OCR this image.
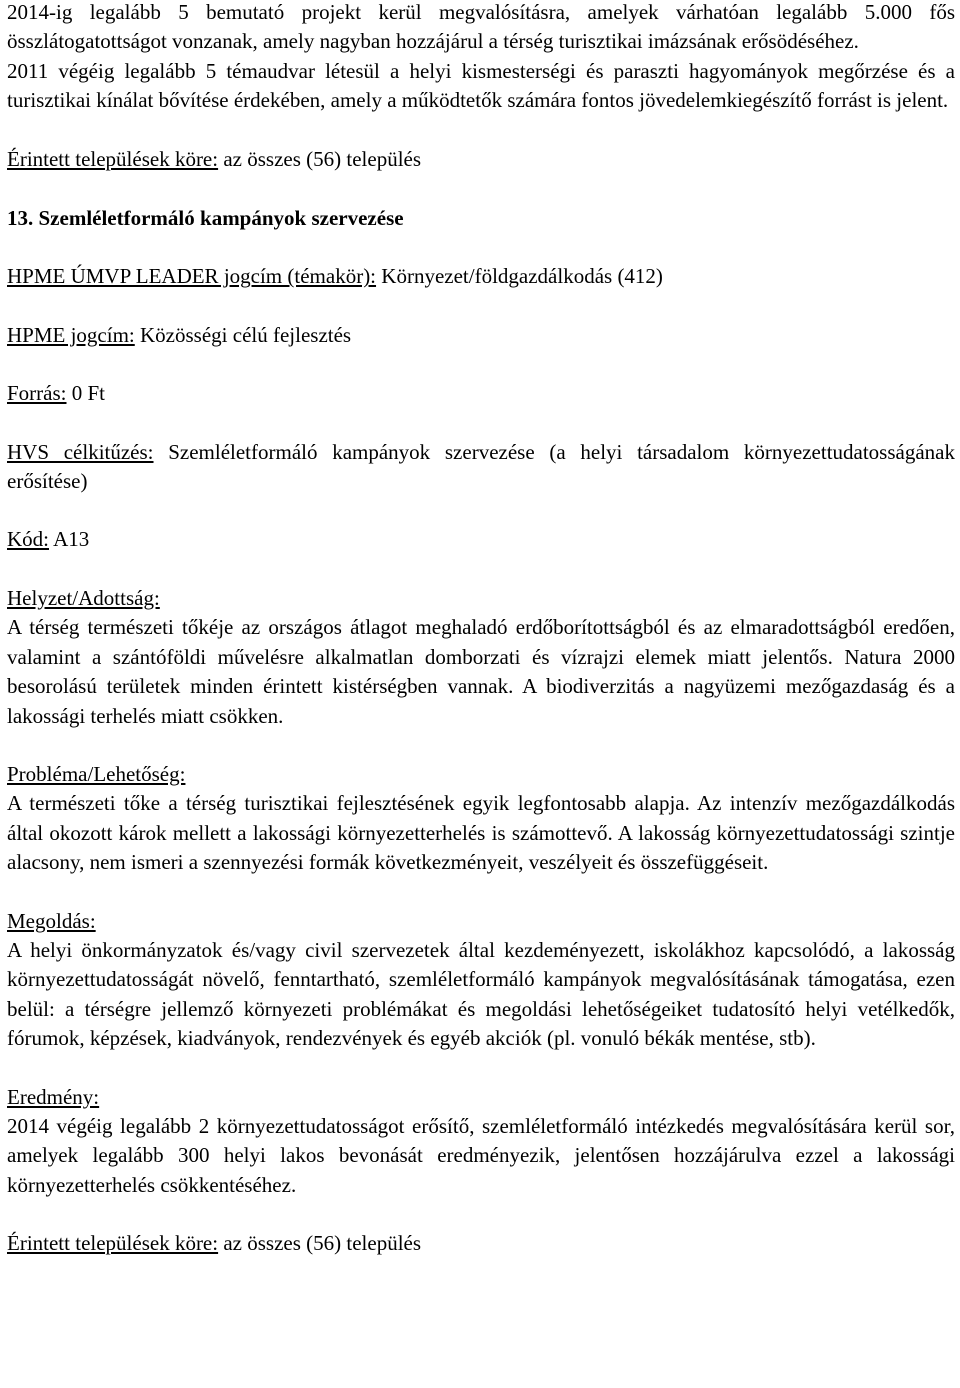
2014-ig legalább 5 bemutató projekt kerül megvalósításra, amelyek várhatóan legalább 5.000 fős összlátogatottságot vonzanak, amely nagyban hozzájárul a térség turisztikai imázsának erősödéséhez.

2011 végéig legalább 5 témaudvar létesül a helyi kismesterségi és paraszti hagyományok megőrzése és a turisztikai kínálat bővítése érdekében, amely a működtetők számára fontos jövedelemkiegészítő forrást is jelent.

Érintett települések köre: az összes (56) település

13. Szemléletformáló kampányok szervezése

HPME ÚMVP LEADER jogcím (témakör): Környezet/földgazdálkodás (412)

HPME jogcím: Közösségi célú fejlesztés

Forrás: 0 Ft

HVS célkitűzés: Szemléletformáló kampányok szervezése (a helyi társadalom környezettudatosságának erősítése)

Kód: A13

Helyzet/Adottság:

A térség természeti tőkéje az országos átlagot meghaladó erdőborítottságból és az elmaradottságból eredően, valamint a szántóföldi művelésre alkalmatlan domborzati és vízrajzi elemek miatt jelentős. Natura 2000 besorolású területek minden érintett kistérségben vannak. A biodiverzitás a nagyüzemi mezőgazdaság és a lakossági terhelés miatt csökken.

Probléma/Lehetőség:

A természeti tőke a térség turisztikai fejlesztésének egyik legfontosabb alapja. Az intenzív mezőgazdálkodás által okozott károk mellett a lakossági környezetterhelés is számottevő. A lakosság környezettudatossági szintje alacsony, nem ismeri a szennyezési formák következményeit, veszélyeit és összefüggéseit.

Megoldás:

A helyi önkormányzatok és/vagy civil szervezetek által kezdeményezett, iskolákhoz kapcsolódó, a lakosság környezettudatosságát növelő, fenntartható, szemléletformáló kampányok megvalósításának támogatása, ezen belül: a térségre jellemző környezeti problémákat és megoldási lehetőségeiket tudatosító helyi vetélkedők, fórumok, képzések, kiadványok, rendezvények és egyéb akciók (pl. vonuló békák mentése, stb).

Eredmény:

2014 végéig legalább 2 környezettudatosságot erősítő, szemléletformáló intézkedés megvalósítására kerül sor, amelyek legalább 300 helyi lakos bevonását eredményezik, jelentősen hozzájárulva ezzel a lakossági környezetterhelés csökkentéséhez.

Érintett települések köre: az összes (56) település
